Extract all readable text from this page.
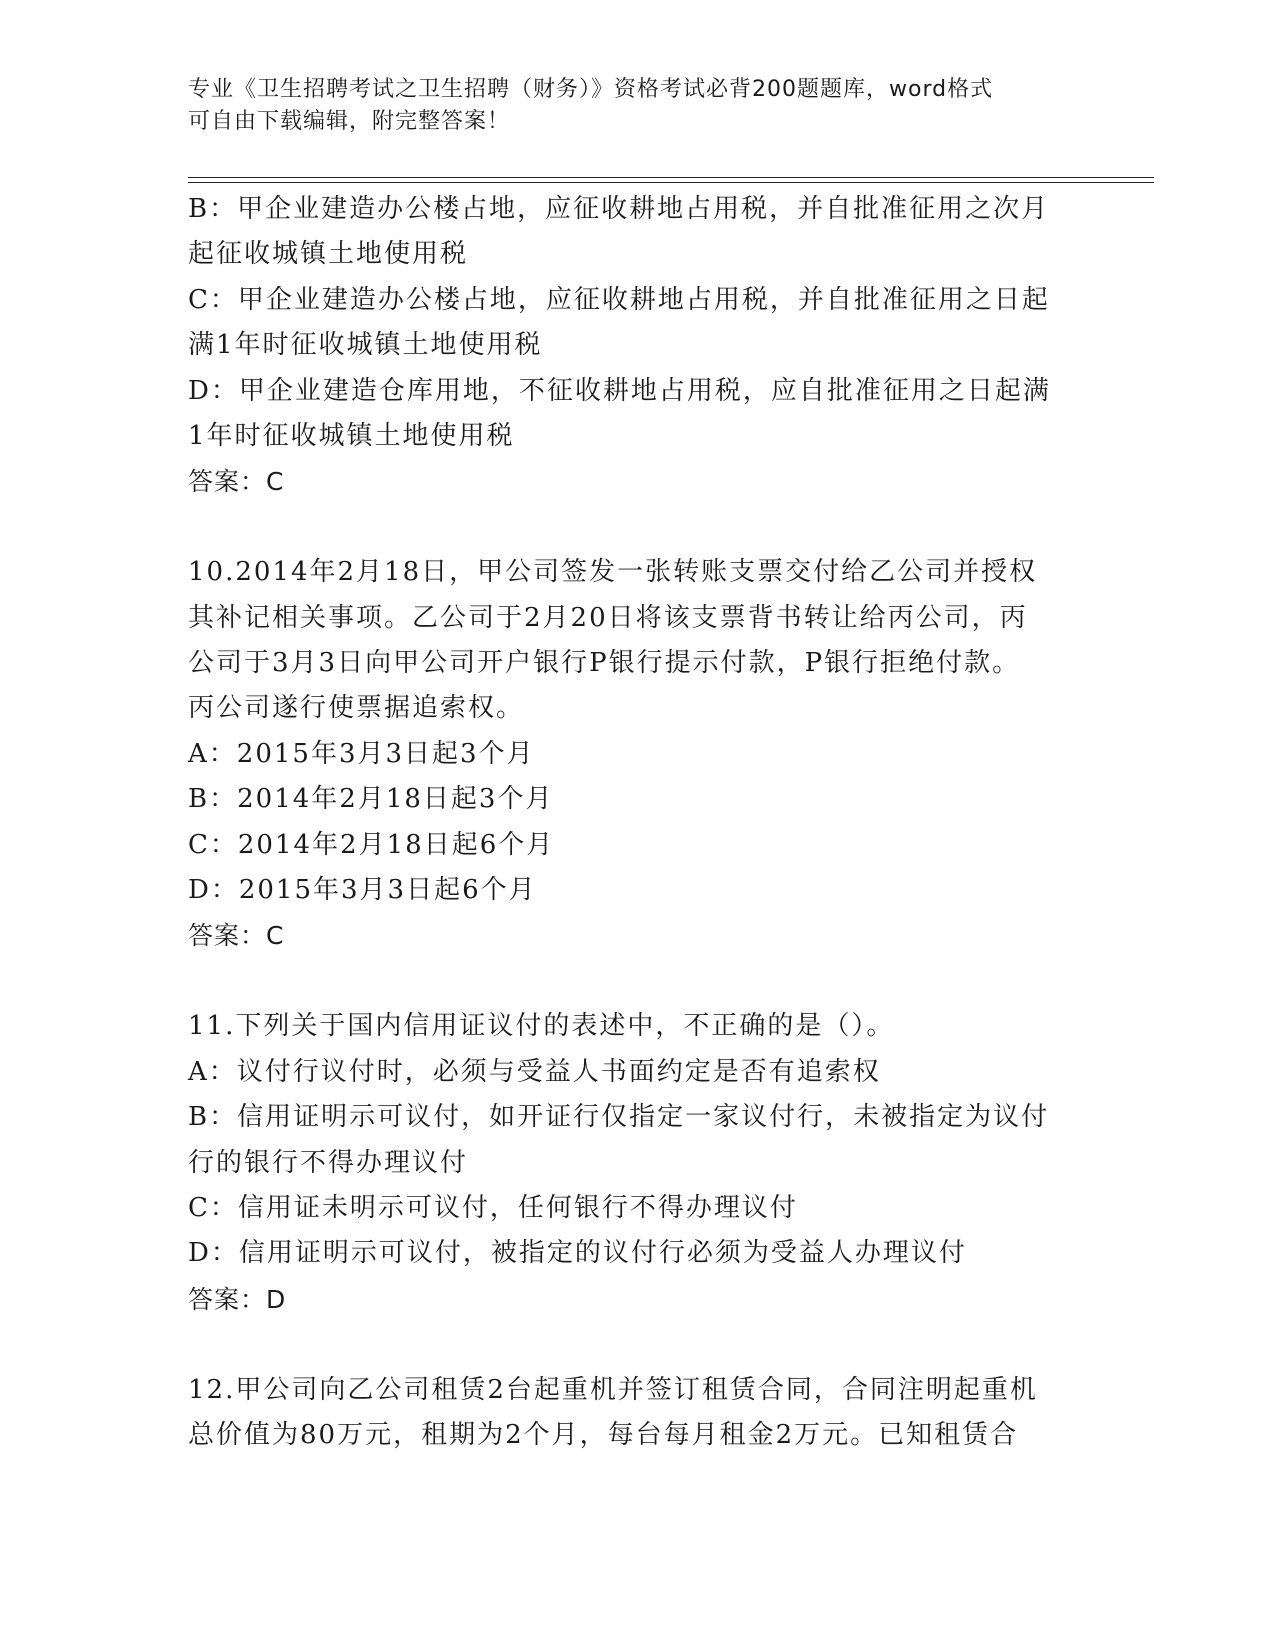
专业《卫生招聘考试之卫生招聘（财务）》资格考试必背200题题库，word格式
可自由下载编辑，附完整答案！

B：甲企业建造办公楼占地，应征收耕地占用税，并自批准征用之次月

起征收城镇土地使用税

C：甲企业建造办公楼占地，应征收耕地占用税，并自批准征用之日起

满1年时征收城镇土地使用税

D：甲企业建造仓库用地，不征收耕地占用税，应自批准征用之日起满

1年时征收城镇土地使用税

答案：C

10.2014年2月18日，甲公司签发一张转账支票交付给乙公司并授权

其补记相关事项。乙公司于2月20日将该支票背书转让给丙公司，丙

公司于3月3日向甲公司开户银行P银行提示付款，P银行拒绝付款。

丙公司遂行使票据追索权。

A：2015年3月3日起3个月

B：2014年2月18日起3个月

C：2014年2月18日起6个月

D：2015年3月3日起6个月

答案：C

11.下列关于国内信用证议付的表述中，不正确的是（）。

A：议付行议付时，必须与受益人书面约定是否有追索权

B：信用证明示可议付，如开证行仅指定一家议付行，未被指定为议付

行的银行不得办理议付

C：信用证未明示可议付，任何银行不得办理议付

D：信用证明示可议付，被指定的议付行必须为受益人办理议付

答案：D

12.甲公司向乙公司租赁2台起重机并签订租赁合同，合同注明起重机

总价值为80万元，租期为2个月，每台每月租金2万元。已知租赁合
